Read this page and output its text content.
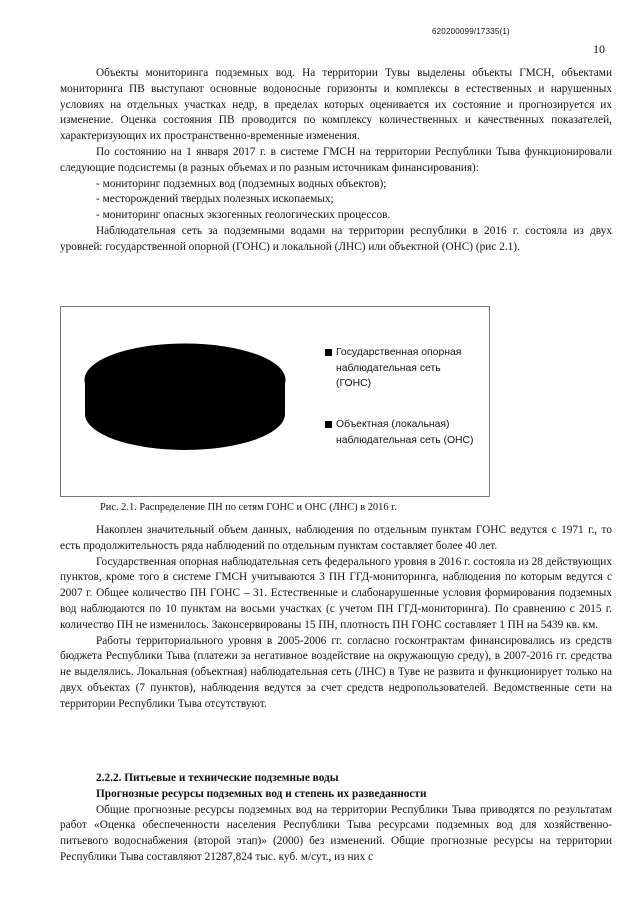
620200099/17335(1)
10

Объекты мониторинга подземных вод. На территории Тувы выделены объекты ГМСН, объектами мониторинга ПВ выступают основные водоносные горизонты и комплексы в естественных и нарушенных условиях на отдельных участках недр, в пределах которых оценивается их состояние и прогнозируется их изменение. Оценка состояния ПВ проводится по комплексу количественных и качественных показателей, характеризующих их пространственно-временные изменения.

По состоянию на 1 января 2017 г. в системе ГМСН на территории Республики Тыва функционировали следующие подсистемы (в разных объемах и по разным источникам финансирования):

- мониторинг подземных вод (подземных водных объектов);

- месторождений твердых полезных ископаемых;

- мониторинг опасных экзогенных геологических процессов.

Наблюдательная сеть за подземными водами на территории республики в 2016 г. состояла из двух уровней: государственной опорной (ГОНС) и локальной (ЛНС) или объектной (ОНС) (рис 2.1).

Государственная опорная наблюдательная сеть (ГОНС)
Объектная (локальная) наблюдательная сеть (ОНС)
Рис. 2.1. Распределение ПН по сетям ГОНС и ОНС (ЛНС) в 2016 г.

Накоплен значительный объем данных, наблюдения по отдельным пунктам ГОНС ведутся с 1971 г., то есть продолжительность ряда наблюдений по отдельным пунктам составляет более 40 лет.

Государственная опорная наблюдательная сеть федерального уровня в 2016 г. состояла из 28 действующих пунктов, кроме того в системе ГМСН учитываются 3 ПН ГГД-мониторинга, наблюдения по которым ведутся с 2007 г. Общее количество ПН ГОНС – 31. Естественные и слабонарушенные условия формирования подземных вод наблюдаются по 10 пунктам на восьми участках (с учетом ПН ГГД-мониторинга). По сравнению с 2015 г. количество ПН не изменилось. Законсервированы 15 ПН, плотность ПН ГОНС составляет 1 ПН на 5439 кв. км.

Работы территориального уровня в 2005-2006 гг. согласно госконтрактам финансировались из средств бюджета Республики Тыва (платежи за негативное воздействие на окружающую среду), в 2007-2016 гг. средства не выделялись. Локальная (объектная) наблюдательная сеть (ЛНС) в Туве не развита и функционирует только на двух объектах (7 пунктов), наблюдения ведутся за счет средств недропользователей. Ведомственные сети на территории Республики Тыва отсутствуют.

2.2.2. Питьевые и технические подземные воды

Прогнозные ресурсы подземных вод и степень их разведанности

Общие прогнозные ресурсы подземных вод на территории Республики Тыва приводятся по результатам работ «Оценка обеспеченности населения Республики Тыва ресурсами подземных вод для хозяйственно-питьевого водоснабжения (второй этап)» (2000) без изменений. Общие прогнозные ресурсы на территории Республики Тыва составляют 21287,824 тыс. куб. м/сут., из них с
